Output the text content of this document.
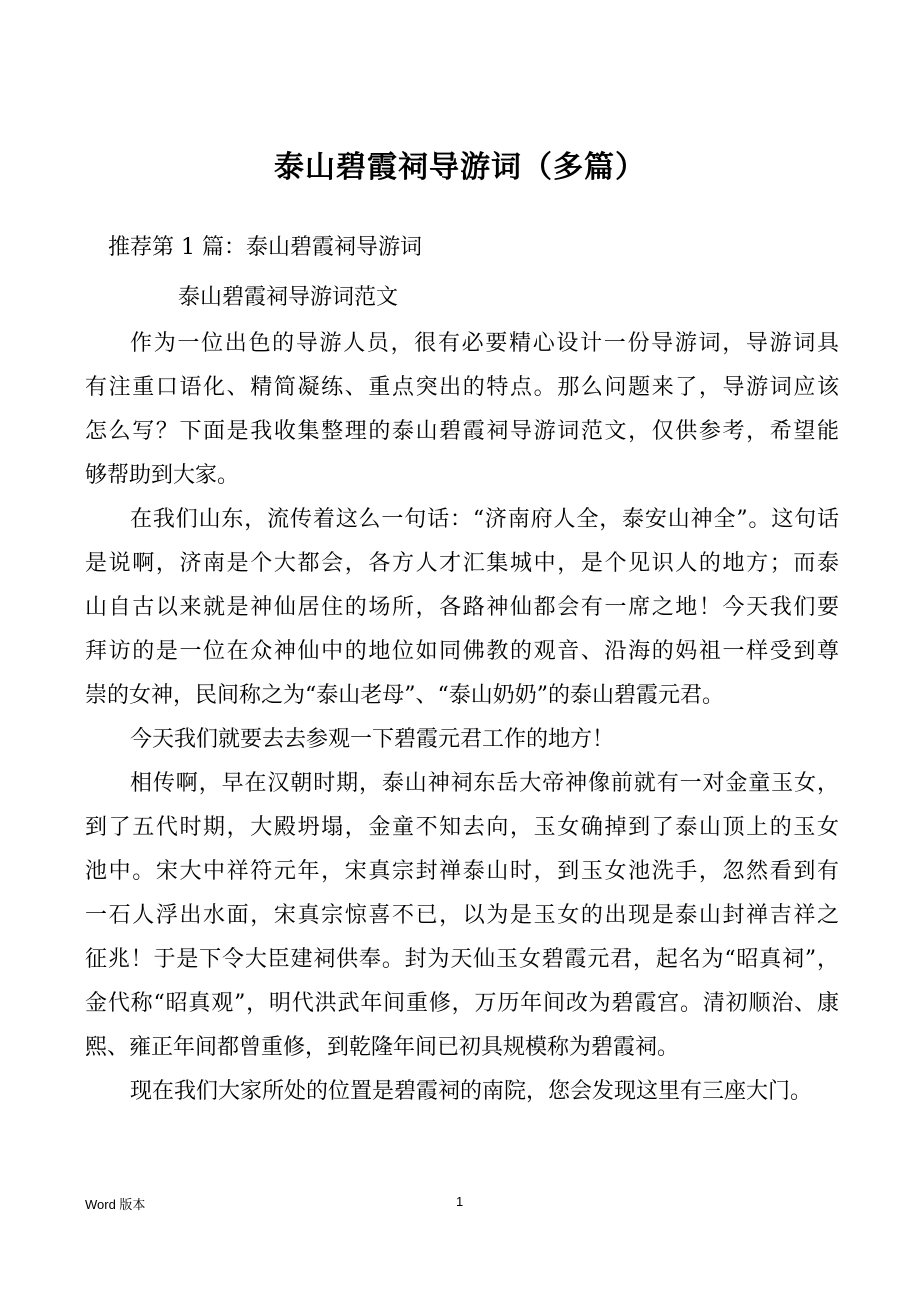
泰山碧霞祠导游词（多篇）
推荐第 1 篇：泰山碧霞祠导游词
泰山碧霞祠导游词范文
作为一位出色的导游人员，很有必要精心设计一份导游词，导游词具
有注重口语化、精简凝练、重点突出的特点。那么问题来了，导游词应该
怎么写？下面是我收集整理的泰山碧霞祠导游词范文，仅供参考，希望能
够帮助到大家。
在我们山东，流传着这么一句话：“济南府人全，泰安山神全”。这句话
是说啊，济南是个大都会，各方人才汇集城中，是个见识人的地方；而泰
山自古以来就是神仙居住的场所，各路神仙都会有一席之地！今天我们要
拜访的是一位在众神仙中的地位如同佛教的观音、沿海的妈祖一样受到尊
崇的女神，民间称之为“泰山老母”、“泰山奶奶”的泰山碧霞元君。
今天我们就要去去参观一下碧霞元君工作的地方！
相传啊，早在汉朝时期，泰山神祠东岳大帝神像前就有一对金童玉女，
到了五代时期，大殿坍塌，金童不知去向，玉女确掉到了泰山顶上的玉女
池中。宋大中祥符元年，宋真宗封禅泰山时，到玉女池洗手，忽然看到有
一石人浮出水面，宋真宗惊喜不已，以为是玉女的出现是泰山封禅吉祥之
征兆！于是下令大臣建祠供奉。封为天仙玉女碧霞元君，起名为“昭真祠”，
金代称“昭真观”，明代洪武年间重修，万历年间改为碧霞宫。清初顺治、康
熙、雍正年间都曾重修，到乾隆年间已初具规模称为碧霞祠。
现在我们大家所处的位置是碧霞祠的南院，您会发现这里有三座大门。
Word 版本	1
